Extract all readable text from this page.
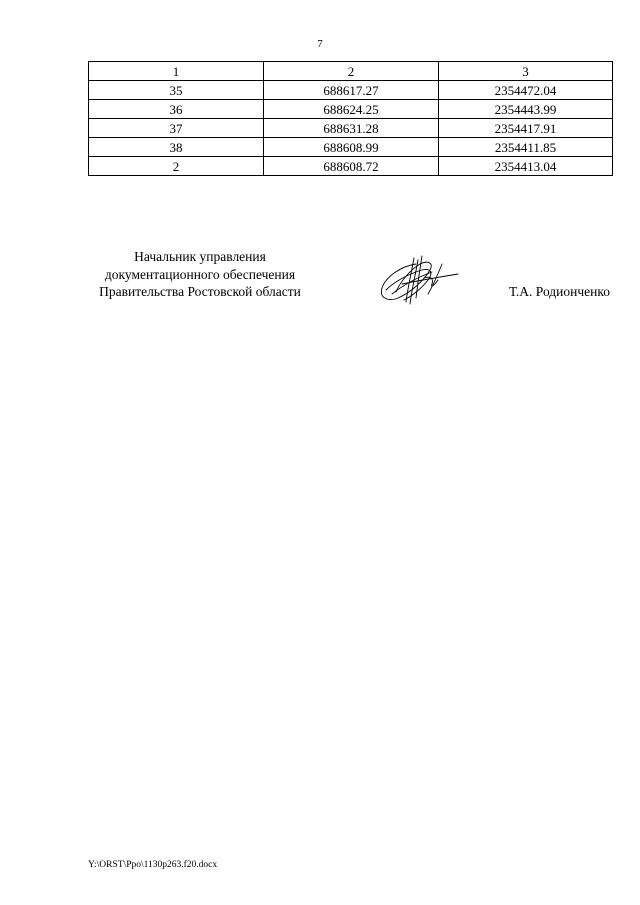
7
1	2	3
35	688617.27	2354472.04
36	688624.25	2354443.99
37	688631.28	2354417.91
38	688608.99	2354411.85
2	688608.72	2354413.04
Начальник управления
документационного обеспечения
Правительства Ростовской области	Т.А. Родионченко
Y:\ORST\Ppo\1130p263.f20.docx
